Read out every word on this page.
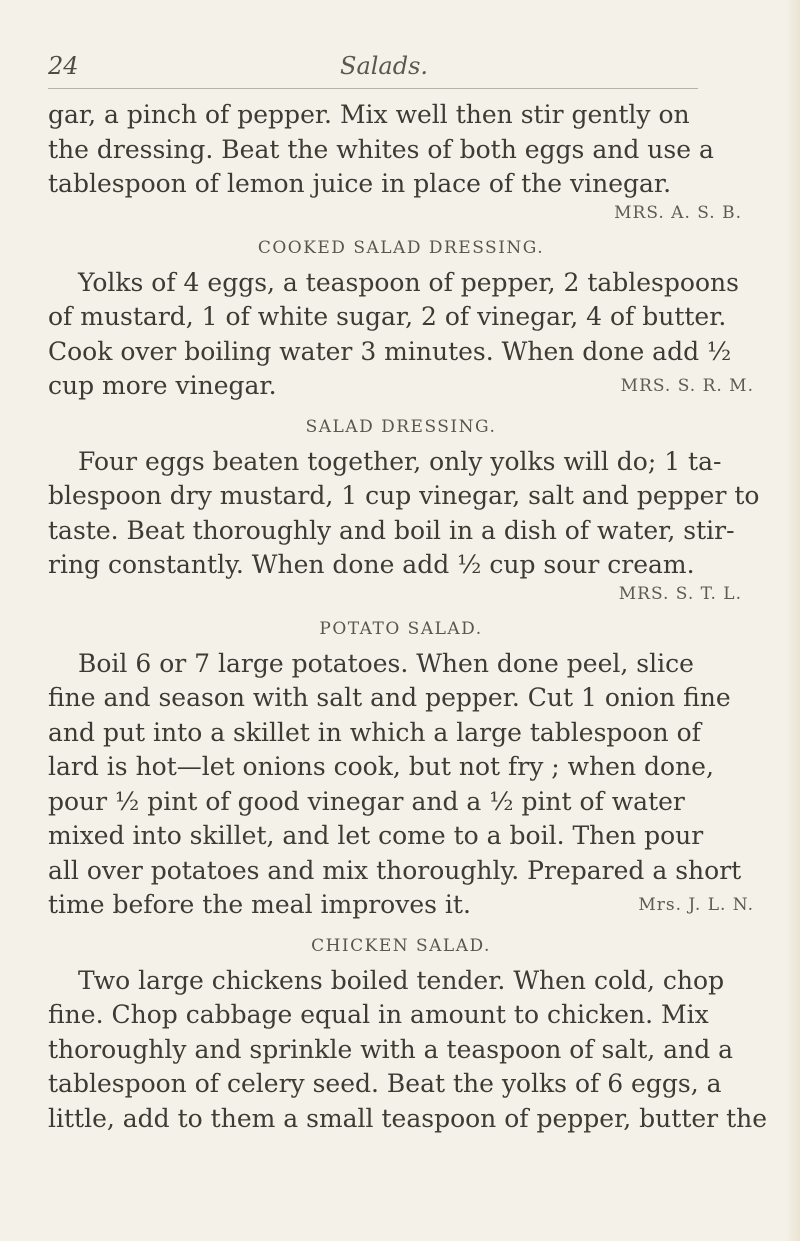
24	Salads.

gar, a pinch of pepper. Mix well then stir gently on
the dressing. Beat the whites of both eggs and use a
tablespoon of lemon juice in place of the vinegar.

MRS. A. S. B.
COOKED SALAD DRESSING.

Yolks of 4 eggs, a teaspoon of pepper, 2 tablespoons
of mustard, 1 of white sugar, 2 of vinegar, 4 of butter.
Cook over boiling water 3 minutes. When done add ½
cup more vinegar.	MRS. S. R. M.

SALAD DRESSING.

Four eggs beaten together, only yolks will do; 1 ta-
blespoon dry mustard, 1 cup vinegar, salt and pepper to
taste. Beat thoroughly and boil in a dish of water, stir-
ring constantly. When done add ½ cup sour cream.

MRS. S. T. L.
POTATO SALAD.

Boil 6 or 7 large potatoes. When done peel, slice
fine and season with salt and pepper. Cut 1 onion fine
and put into a skillet in which a large tablespoon of
lard is hot—let onions cook, but not fry ; when done,
pour ½ pint of good vinegar and a ½ pint of water
mixed into skillet, and let come to a boil. Then pour
all over potatoes and mix thoroughly. Prepared a short
time before the meal improves it.	Mrs. J. L. N.

CHICKEN SALAD.

Two large chickens boiled tender. When cold, chop
fine. Chop cabbage equal in amount to chicken. Mix
thoroughly and sprinkle with a teaspoon of salt, and a
tablespoon of celery seed. Beat the yolks of 6 eggs, a
little, add to them a small teaspoon of pepper, butter the
